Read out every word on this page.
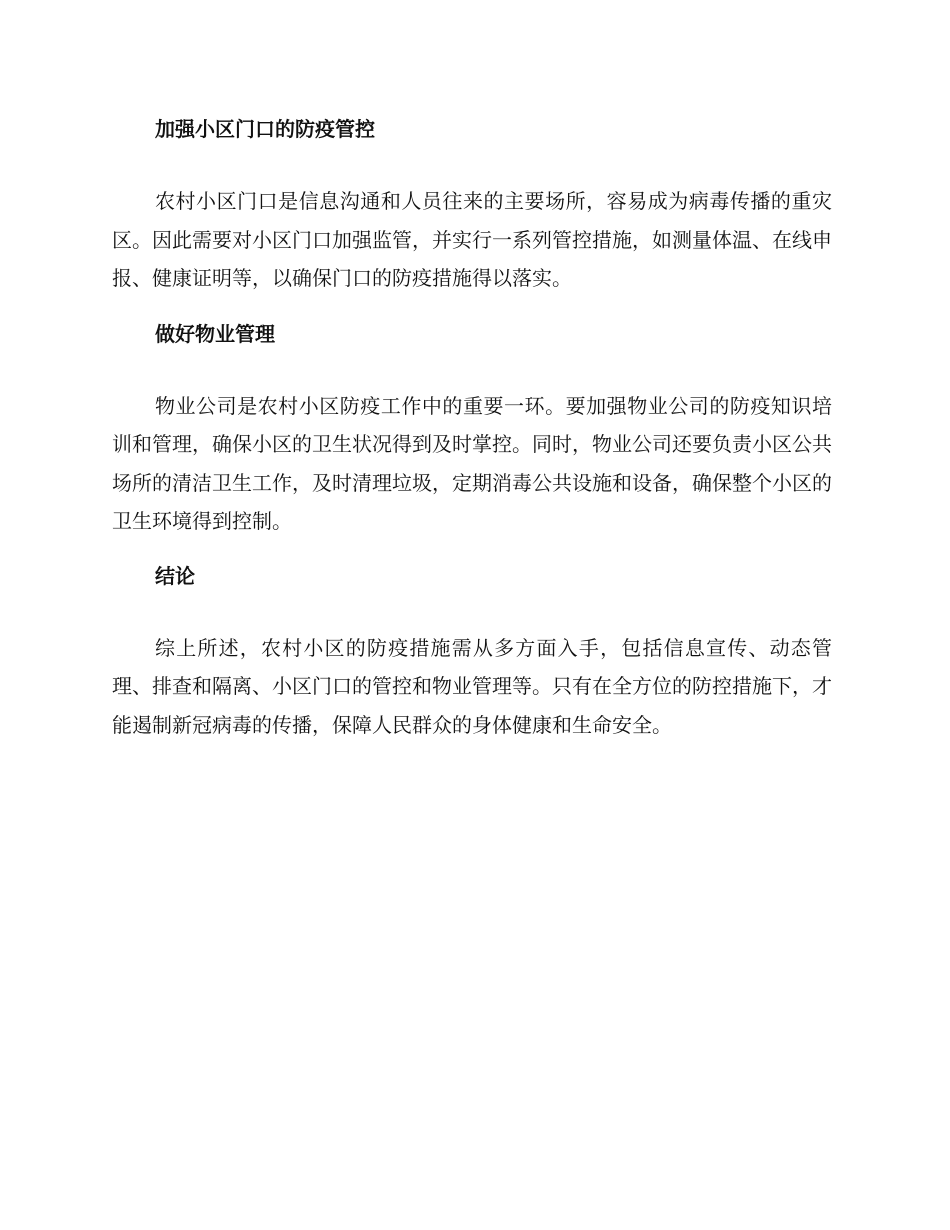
加强小区门口的防疫管控

农村小区门口是信息沟通和人员往来的主要场所，容易成为病毒传播的重灾区。因此需要对小区门口加强监管，并实行一系列管控措施，如测量体温、在线申报、健康证明等，以确保门口的防疫措施得以落实。

做好物业管理

物业公司是农村小区防疫工作中的重要一环。要加强物业公司的防疫知识培训和管理，确保小区的卫生状况得到及时掌控。同时，物业公司还要负责小区公共场所的清洁卫生工作，及时清理垃圾，定期消毒公共设施和设备，确保整个小区的卫生环境得到控制。

结论

综上所述，农村小区的防疫措施需从多方面入手，包括信息宣传、动态管理、排查和隔离、小区门口的管控和物业管理等。只有在全方位的防控措施下，才能遏制新冠病毒的传播，保障人民群众的身体健康和生命安全。
